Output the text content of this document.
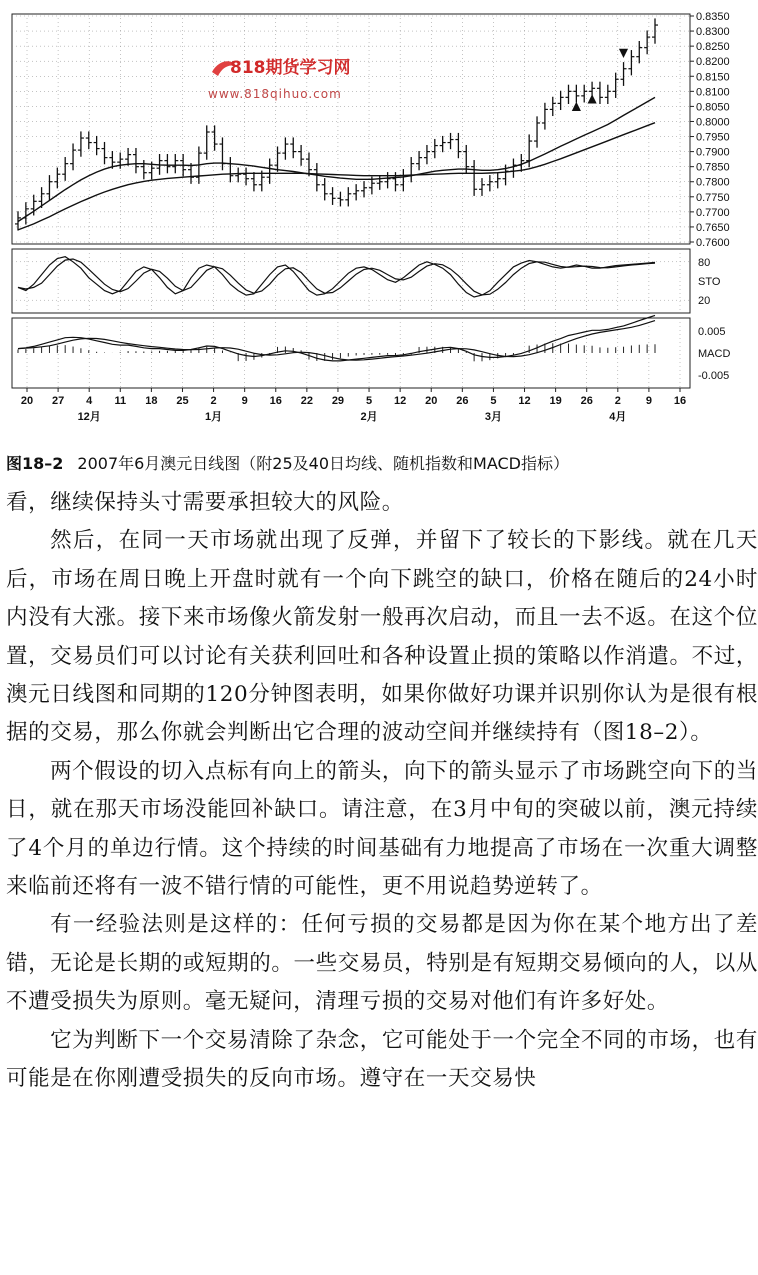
0.8350
0.8300
0.8250
0.8200
0.8150
0.8100
0.8050
0.8000
0.7950
0.7900
0.7850
0.7800
0.7750
0.7700
0.7650
0.7600
80
STO
20
0.005
MACD
-0.005
20 27 4 11 18 25 2 9 16 22 29 5 12 20 26 5 12 19 26 2 9 16
12月	1月	2月	3月	4月
▲
▲
▼
818期货学习网
www.818qihuo.com
图18–2 2007年6月澳元日线图（附25及40日均线、随机指数和MACD指标）

看，继续保持头寸需要承担较大的风险。

然后，在同一天市场就出现了反弹，并留下了较长的下影线。就在几天后，市场在周日晚上开盘时就有一个向下跳空的缺口，价格在随后的24小时内没有大涨。接下来市场像火箭发射一般再次启动，而且一去不返。在这个位置，交易员们可以讨论有关获利回吐和各种设置止损的策略以作消遣。不过，澳元日线图和同期的120分钟图表明，如果你做好功课并识别你认为是很有根据的交易，那么你就会判断出它合理的波动空间并继续持有（图18–2）。

两个假设的切入点标有向上的箭头，向下的箭头显示了市场跳空向下的当日，就在那天市场没能回补缺口。请注意，在3月中旬的突破以前，澳元持续了4个月的单边行情。这个持续的时间基础有力地提高了市场在一次重大调整来临前还将有一波不错行情的可能性，更不用说趋势逆转了。

有一经验法则是这样的：任何亏损的交易都是因为你在某个地方出了差错，无论是长期的或短期的。一些交易员，特别是有短期交易倾向的人，以从不遭受损失为原则。毫无疑问，清理亏损的交易对他们有许多好处。

它为判断下一个交易清除了杂念，它可能处于一个完全不同的市场，也有可能是在你刚遭受损失的反向市场。遵守在一天交易快
